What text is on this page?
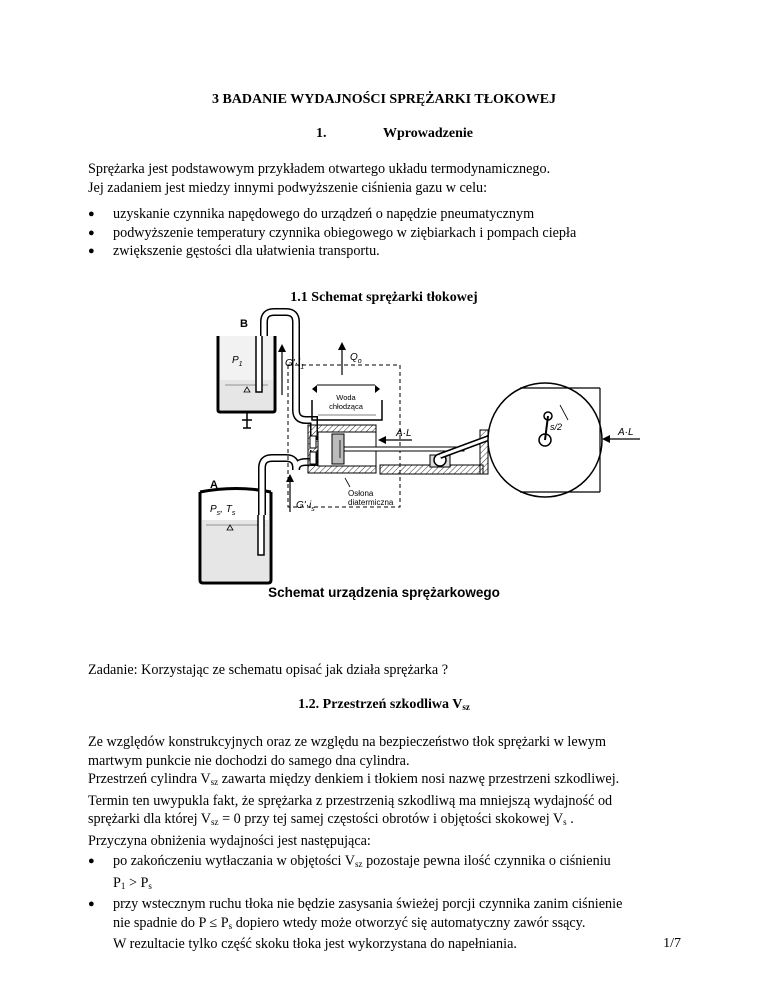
3 BADANIE WYDAJNOŚCI SPRĘŻARKI TŁOKOWEJ
1.	Wprowadzenie
Sprężarka jest podstawowym przykładem otwartego układu termodynamicznego.
Jej zadaniem jest miedzy innymi podwyższenie ciśnienia gazu w celu:
● uzyskanie czynnika napędowego do urządzeń o napędzie pneumatycznym
● podwyższenie temperatury czynnika obiegowego w ziębiarkach i pompach ciepła
● zwiększenie gęstości dla ułatwienia transportu.
1.1 Schemat sprężarki tłokowej
B
$P_1$
A
$P_s$, $T_s$
$G'\cdot i_1$
$G'\cdot i_s$
$Q_o$
Woda
chłodząca
A·L	A·L
s/2
Osłona
diatermiczna
Schemat urządzenia sprężarkowego
Zadanie: Korzystając ze schematu opisać jak działa sprężarka ?
1.2. Przestrzeń szkodliwa $V_{sz}$
Ze względów konstrukcyjnych oraz ze względu na bezpieczeństwo tłok sprężarki w lewym
martwym punkcie nie dochodzi do samego dna cylindra.
Przestrzeń cylindra $V_{sz}$ zawarta między denkiem i tłokiem nosi nazwę przestrzeni szkodliwej.
Termin ten uwypukla fakt, że sprężarka z przestrzenią szkodliwą ma mniejszą wydajność od
sprężarki dla której $V_{sz} = 0$ przy tej samej częstości obrotów i objętości skokowej $V_s$ .
Przyczyna obniżenia wydajności jest następująca:
● po zakończeniu wytłaczania w objętości $V_{sz}$ pozostaje pewna ilość czynnika o ciśnieniu
$P_1 > P_s$
● przy wstecznym ruchu tłoka nie będzie zasysania świeżej porcji czynnika zanim ciśnienie
nie spadnie do $P \le P_s$ dopiero wtedy może otworzyć się automatyczny zawór ssący.
W rezultacie tylko część skoku tłoka jest wykorzystana do napełniania.	1/7
